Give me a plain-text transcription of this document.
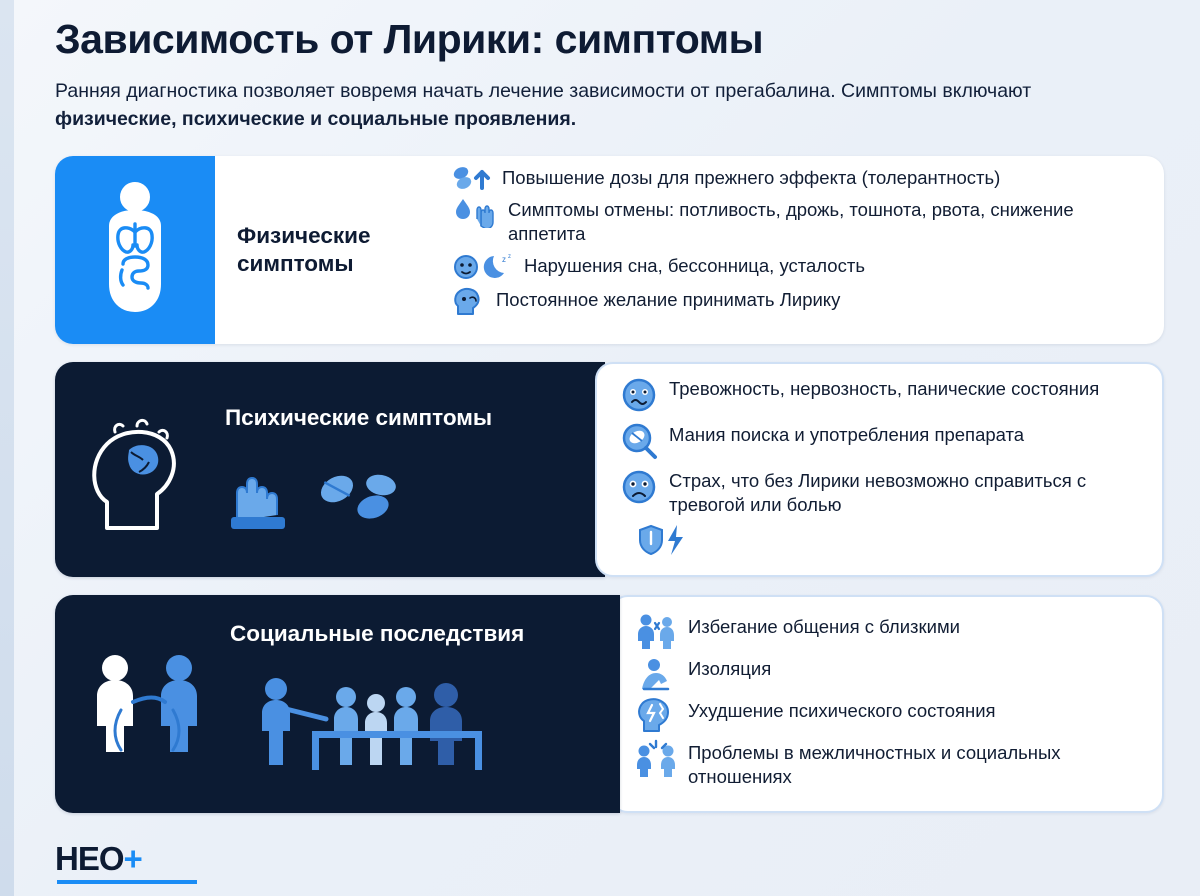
Зависимость от Лирики: симптомы

Ранняя диагностика позволяет вовремя начать лечение зависимости от прегабалина. Симптомы включают физические, психические и социальные проявления.

Физические
симптомы
Повышение дозы для прежнего эффекта (толерантность)
Симптомы отмены: потливость, дрожь, тошнота, рвота, снижение аппетита
z z Нарушения сна, бессонница, усталость
Постоянное желание принимать Лирику
Психические симптомы
Тревожность, нервозность, панические состояния
Мания поиска и употребления препарата
Страх, что без Лирики невозможно справиться с тревогой или болью
Социальные последствия	Избегание общения с близкими
Изоляция
Ухудшение психического состояния
Проблемы в межличностных и социальных отношениях
НЕО+
